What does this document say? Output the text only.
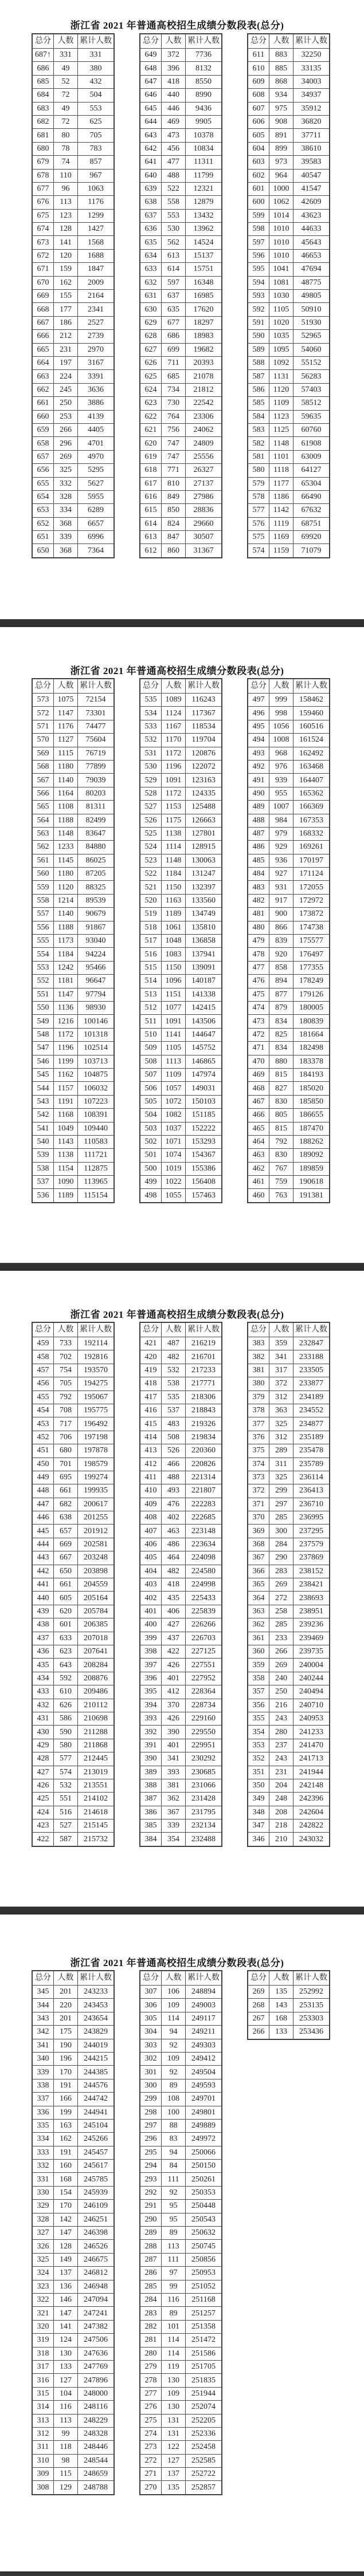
浙江省 2021 年普通高校招生成绩分数段表(总分)
总分	人数	累计人数
687↑	331	331
686	49	380
685	52	432
684	72	504
683	49	553
682	72	625
681	80	705
680	78	783
679	74	857
678	110	967
677	96	1063
676	113	1176
675	123	1299
674	128	1427
673	141	1568
672	120	1688
671	159	1847
670	162	2009
669	155	2164
668	177	2341
667	186	2527
666	212	2739
665	231	2970
664	197	3167
663	224	3391
662	245	3636
661	250	3886
660	253	4139
659	266	4405
658	296	4701
657	269	4970
656	325	5295
655	332	5627
654	328	5955
653	334	6289
652	368	6657
651	339	6996
650	368	7364
总分	人数	累计人数
649	372	7736
648	396	8132
647	418	8550
646	440	8990
645	446	9436
644	469	9905
643	473	10378
642	456	10834
641	477	11311
640	488	11799
639	522	12321
638	558	12879
637	553	13432
636	530	13962
635	562	14524
634	613	15137
633	614	15751
632	597	16348
631	637	16985
630	635	17620
629	677	18297
628	686	18983
627	699	19682
626	711	20393
625	685	21078
624	734	21812
623	730	22542
622	764	23306
621	756	24062
620	747	24809
619	747	25556
618	771	26327
617	810	27137
616	849	27986
615	850	28836
614	824	29660
613	847	30507
612	860	31367
总分	人数	累计人数
611	883	32250
610	885	33135
609	868	34003
608	934	34937
607	975	35912
606	908	36820
605	891	37711
604	899	38610
603	973	39583
602	964	40547
601	1000	41547
600	1062	42609
599	1014	43623
598	1010	44633
597	1010	45643
596	1010	46653
595	1041	47694
594	1081	48775
593	1030	49805
592	1105	50910
591	1020	51930
590	1035	52965
589	1095	54060
588	1092	55152
587	1131	56283
586	1120	57403
585	1109	58512
584	1123	59635
583	1125	60760
582	1148	61908
581	1101	63009
580	1118	64127
579	1177	65304
578	1186	66490
577	1142	67632
576	1119	68751
575	1169	69920
574	1159	71079
浙江省 2021 年普通高校招生成绩分数段表(总分)
总分	人数	累计人数
573	1075	72154
572	1147	73301
571	1176	74477
570	1127	75604
569	1115	76719
568	1180	77899
567	1140	79039
566	1164	80203
565	1108	81311
564	1188	82499
563	1148	83647
562	1233	84880
561	1145	86025
560	1180	87205
559	1120	88325
558	1214	89539
557	1140	90679
556	1188	91867
555	1173	93040
554	1184	94224
553	1242	95466
552	1181	96647
551	1147	97794
550	1136	98930
549	1216	100146
548	1172	101318
547	1196	102514
546	1199	103713
545	1162	104875
544	1157	106032
543	1191	107223
542	1168	108391
541	1049	109440
540	1143	110583
539	1138	111721
538	1154	112875
537	1090	113965
536	1189	115154
总分	人数	累计人数
535	1089	116243
534	1124	117367
533	1167	118534
532	1170	119704
531	1172	120876
530	1196	122072
529	1091	123163
528	1172	124335
527	1153	125488
526	1175	126663
525	1138	127801
524	1114	128915
523	1148	130063
522	1184	131247
521	1150	132397
520	1163	133560
519	1189	134749
518	1061	135810
517	1048	136858
516	1083	137941
515	1150	139091
514	1096	140187
513	1151	141338
512	1077	142415
511	1091	143506
510	1141	144647
509	1105	145752
508	1113	146865
507	1109	147974
506	1057	149031
505	1072	150103
504	1082	151185
503	1037	152222
502	1071	153293
501	1074	154367
500	1019	155386
499	1022	156408
498	1055	157463
总分	人数	累计人数
497	999	158462
496	998	159460
495	1056	160516
494	1008	161524
493	968	162492
492	976	163468
491	939	164407
490	955	165362
489	1007	166369
488	984	167353
487	979	168332
486	929	169261
485	936	170197
484	927	171124
483	931	172055
482	917	172972
481	900	173872
480	866	174738
479	839	175577
478	920	176497
477	858	177355
476	894	178249
475	877	179126
474	879	180005
473	834	180839
472	825	181664
471	834	182498
470	880	183378
469	815	184193
468	827	185020
467	830	185850
466	805	186655
465	815	187470
464	792	188262
463	830	189092
462	767	189859
461	759	190618
460	763	191381
浙江省 2021 年普通高校招生成绩分数段表(总分)
总分	人数	累计人数
459	733	192114
458	702	192816
457	754	193570
456	705	194275
455	792	195067
454	708	195775
453	717	196492
452	706	197198
451	680	197878
450	701	198579
449	695	199274
448	661	199935
447	682	200617
446	638	201255
445	657	201912
444	669	202581
443	667	203248
442	650	203898
441	661	204559
440	605	205164
439	620	205784
438	601	206385
437	633	207018
436	623	207641
435	643	208284
434	592	208876
433	610	209486
432	626	210112
431	586	210698
430	590	211288
429	580	211868
428	577	212445
427	574	213019
426	532	213551
425	551	214102
424	516	214618
423	527	215145
422	587	215732
总分	人数	累计人数
421	487	216219
420	482	216701
419	532	217233
418	538	217771
417	535	218306
416	537	218843
415	483	219326
414	508	219834
413	526	220360
412	466	220826
411	488	221314
410	493	221807
409	476	222283
408	402	222685
407	463	223148
406	486	223634
405	464	224098
404	482	224580
403	418	224998
402	435	225433
401	406	225839
400	427	226266
399	437	226703
398	422	227125
397	426	227551
396	401	227952
395	412	228364
394	370	228734
393	426	229160
392	390	229550
391	401	229951
390	341	230292
389	393	230685
388	381	231066
387	362	231428
386	367	231795
385	339	232134
384	354	232488
总分	人数	累计人数
383	359	232847
382	341	233188
381	317	233505
380	372	233877
379	312	234189
378	363	234552
377	325	234877
376	312	235189
375	289	235478
374	311	235789
373	325	236114
372	299	236413
371	297	236710
370	285	236995
369	300	237295
368	284	237579
367	290	237869
366	283	238152
365	269	238421
364	272	238693
363	258	238951
362	285	239236
361	233	239469
360	266	239735
359	269	240004
358	240	240244
357	250	240494
356	216	240710
355	243	240953
354	280	241233
353	237	241470
352	243	241713
351	231	241944
350	204	242148
349	248	242396
348	208	242604
347	218	242822
346	210	243032
浙江省 2021 年普通高校招生成绩分数段表(总分)
总分	人数	累计人数
345	201	243233
344	220	243453
343	201	243654
342	175	243829
341	190	244019
340	196	244215
339	170	244385
338	191	244576
337	166	244742
336	199	244941
335	163	245104
334	162	245266
333	191	245457
332	160	245617
331	168	245785
330	154	245939
329	170	246109
328	142	246251
327	147	246398
326	128	246526
325	149	246675
324	137	246812
323	136	246948
322	146	247094
321	147	247241
320	141	247382
319	124	247506
318	130	247636
317	133	247769
316	127	247896
315	104	248000
314	116	248116
313	113	248229
312	99	248328
311	118	248446
310	98	248544
309	115	248659
308	129	248788
总分	人数	累计人数
307	106	248894
306	109	249003
305	114	249117
304	94	249211
303	92	249303
302	109	249412
301	92	249504
300	89	249593
299	108	249701
298	100	249801
297	88	249889
296	83	249972
295	94	250066
294	84	250150
293	111	250261
292	92	250353
291	95	250448
290	95	250543
289	89	250632
288	113	250745
287	111	250856
286	97	250953
285	99	251052
284	116	251168
283	89	251257
282	101	251358
281	114	251472
280	114	251586
279	119	251705
278	130	251835
277	109	251944
276	130	252074
275	131	252205
274	131	252336
273	122	252458
272	127	252585
271	137	252722
270	135	252857
总分	人数	累计人数
269	135	252992
268	143	253135
267	168	253303
266	133	253436
